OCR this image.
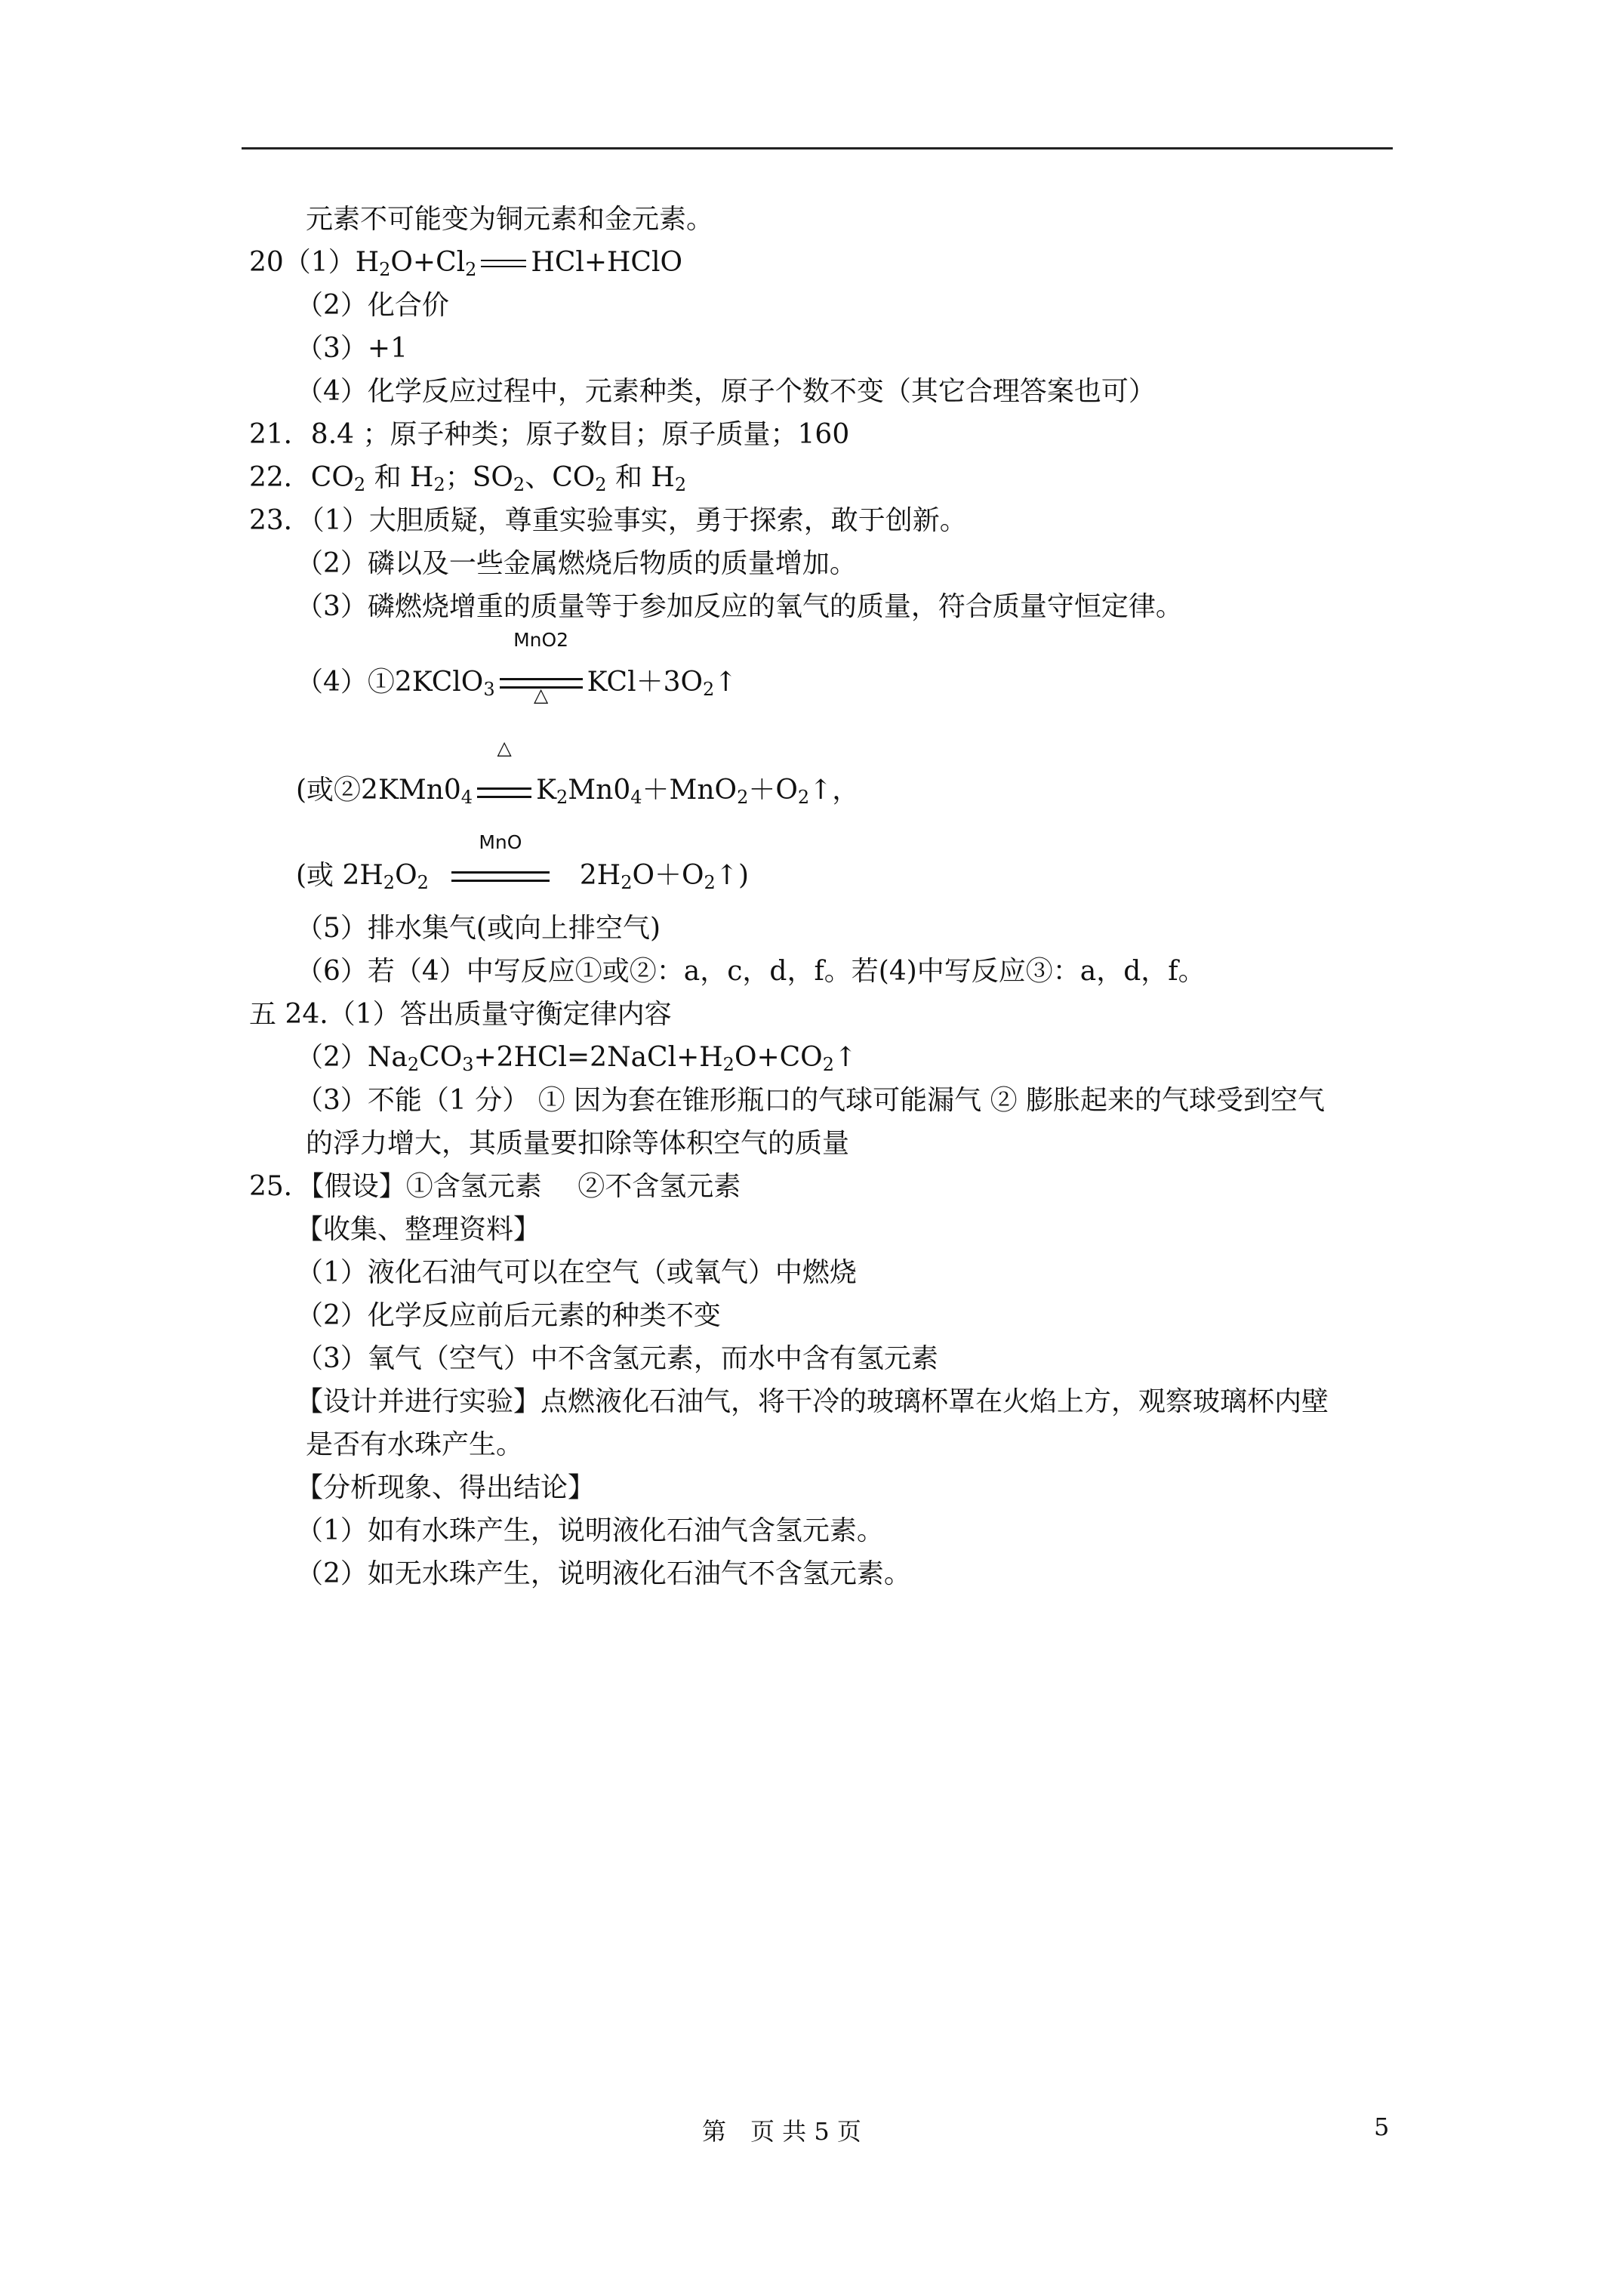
元素不可能变为铜元素和金元素。
$20(1)H_2O+Cl_2$ HCl+HClO
（2）化合价
（3）+1
（4）化学反应过程中，元素种类，原子个数不变（其它合理答案也可）
21．8.4 ；原子种类；原子数目；原子质量；160
22．$CO_2$ 和 $H_2$；$SO_2$、$CO_2$ 和 $H_2$
23．（1）大胆质疑，尊重实验事实，勇于探索，敢于创新。
（2）磷以及一些金属燃烧后物质的质量增加。
（3）磷燃烧增重的质量等于参加反应的氧气的质量，符合质量守恒定律。
（4）①2KClO$_3$
MnO2
△	$KCl+3O_2↑$
(或$②2KMn0_4$
△
$K_2Mn0_4+MnO_2+O_2↑$，
(或 $2H_2O_2$
MnO
$2H_2O+O_2↑$)
（5）排水集气(或向上排空气)
（6）若（4）中写反应①或②：a，c，d，f。若(4)中写反应③：a，d，f。
五 24.（1）答出质量守衡定律内容
$(2)Na_2CO_3+2HCl=2NaCl+H_2O+CO_2↑$
（3）不能（1 分） ① 因为套在锥形瓶口的气球可能漏气 ② 膨胀起来的气球受到空气
的浮力增大，其质量要扣除等体积空气的质量
25．【假设】①含氢元素　 ②不含氢元素
【收集、整理资料】
（1）液化石油气可以在空气（或氧气）中燃烧
（2）化学反应前后元素的种类不变
（3）氧气（空气）中不含氢元素，而水中含有氢元素
【设计并进行实验】点燃液化石油气，将干冷的玻璃杯罩在火焰上方，观察玻璃杯内壁
是否有水珠产生。
【分析现象、得出结论】
（1）如有水珠产生，说明液化石油气含氢元素。
（2）如无水珠产生，说明液化石油气不含氢元素。
第　页 共 5 页	5
